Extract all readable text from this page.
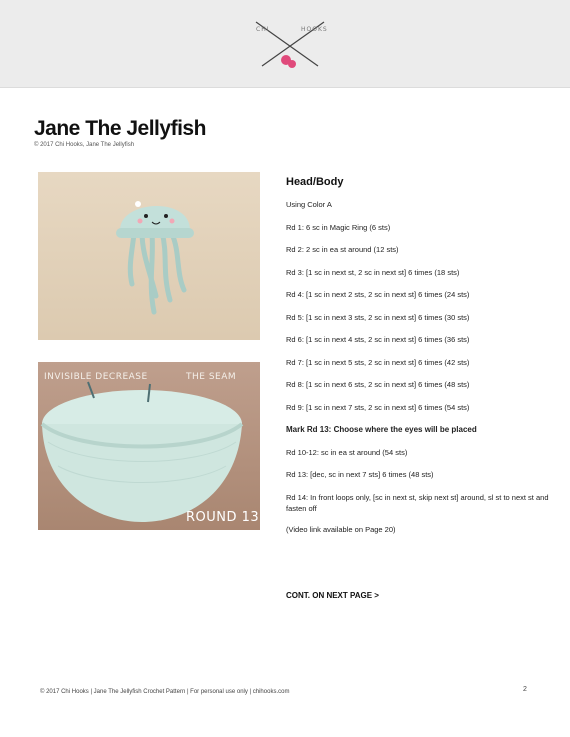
CHI	HOOKS
Jane The Jellyfish
© 2017 Chi Hooks, Jane The Jellyfish
INVISIBLE DECREASE	THE SEAM
ROUND 13
Head/Body
Using Color A
Rd 1: 6 sc in Magic Ring (6 sts)
Rd 2: 2 sc in ea st around (12 sts)
Rd 3: [1 sc in next st, 2 sc in next st] 6 times (18 sts)
Rd 4: [1 sc in next 2 sts, 2 sc in next st] 6 times (24 sts)
Rd 5: [1 sc in next 3 sts, 2 sc in next st] 6 times (30 sts)
Rd 6: [1 sc in next 4 sts, 2 sc in next st] 6 times (36 sts)
Rd 7: [1 sc in next 5 sts, 2 sc in next st] 6 times (42 sts)
Rd 8: [1 sc in next 6 sts, 2 sc in next st] 6 times (48 sts)
Rd 9: [1 sc in next 7 sts, 2 sc in next st] 6 times (54 sts)
Mark Rd 13: Choose where the eyes will be placed
Rd 10-12: sc in ea st around (54 sts)
Rd 13: [dec, sc in next 7 sts] 6 times (48 sts)
Rd 14: In front loops only, [sc in next st, skip next st] around, sl st to next st and fasten off
(Video link available on Page 20)
CONT. ON NEXT PAGE >
© 2017 Chi Hooks | Jane The Jellyfish Crochet Pattern | For personal use only | chihooks.com	2
